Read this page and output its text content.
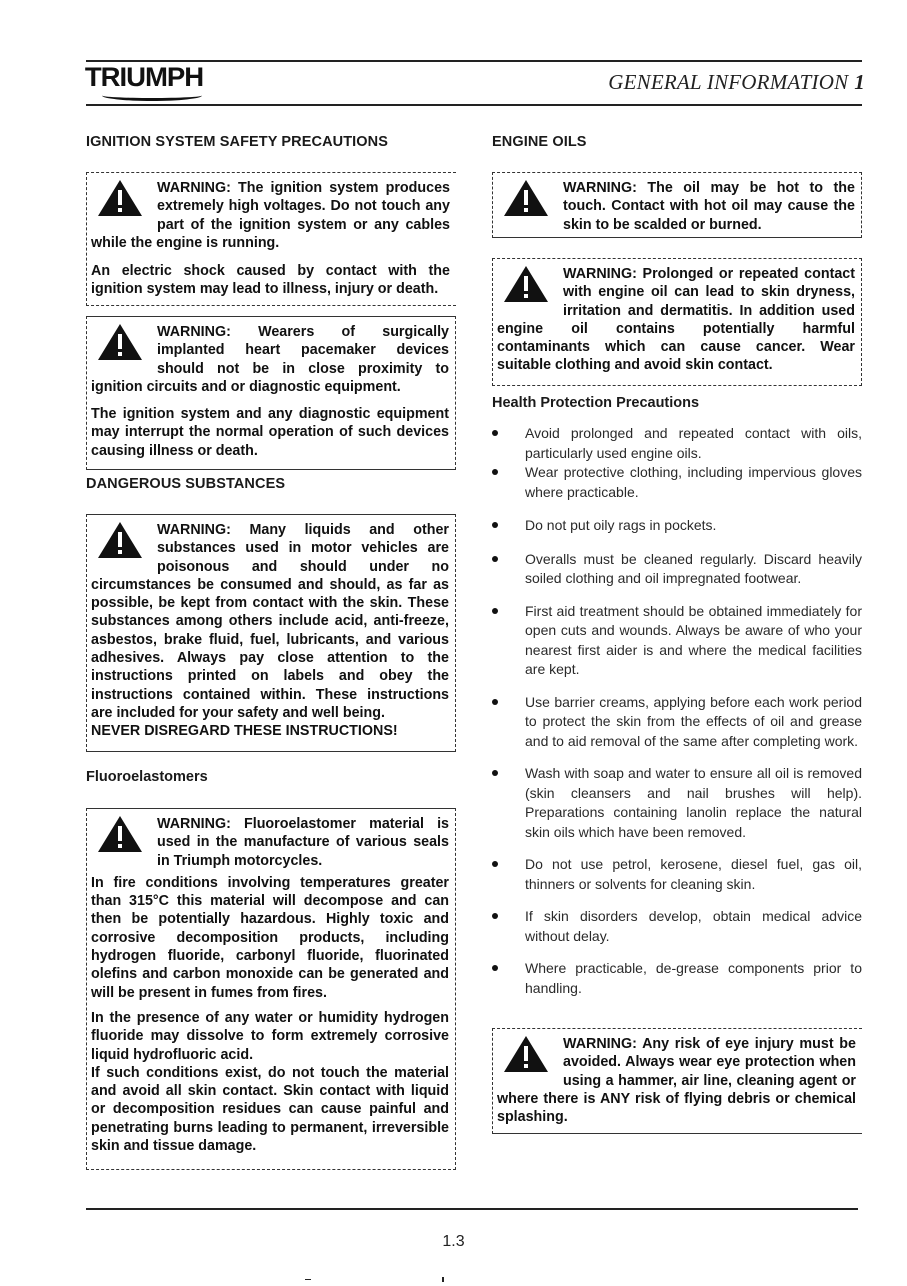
TRIUMPH	GENERAL INFORMATION 1
IGNITION SYSTEM SAFETY PRECAUTIONS

WARNING: The ignition system produces extremely high voltages. Do not touch any part of the ignition system or any cables while the engine is running.

An electric shock caused by contact with the ignition system may lead to illness, injury or death.

WARNING: Wearers of surgically implanted heart pacemaker devices should not be in close proximity to ignition circuits and or diagnostic equipment.

The ignition system and any diagnostic equipment may interrupt the normal operation of such devices causing illness or death.

DANGEROUS SUBSTANCES

WARNING: Many liquids and other substances used in motor vehicles are poisonous and should under no circumstances be consumed and should, as far as possible, be kept from contact with the skin. These substances among others include acid, anti-freeze, asbestos, brake fluid, fuel, lubricants, and various adhesives. Always pay close attention to the instructions printed on labels and obey the instructions contained within. These instructions are included for your safety and well being.

NEVER DISREGARD THESE INSTRUCTIONS!

Fluoroelastomers

WARNING: Fluoroelastomer material is used in the manufacture of various seals in Triumph motorcycles.

In fire conditions involving temperatures greater than 315°C this material will decompose and can then be potentially hazardous. Highly toxic and corrosive decomposition products, including hydrogen fluoride, carbonyl fluoride, fluorinated olefins and carbon monoxide can be generated and will be present in fumes from fires.

In the presence of any water or humidity hydrogen fluoride may dissolve to form extremely corrosive liquid hydrofluoric acid.

If such conditions exist, do not touch the material and avoid all skin contact. Skin contact with liquid or decomposition residues can cause painful and penetrating burns leading to permanent, irreversible skin and tissue damage.

ENGINE OILS

WARNING: The oil may be hot to the touch. Contact with hot oil may cause the skin to be scalded or burned.

WARNING: Prolonged or repeated contact with engine oil can lead to skin dryness, irritation and dermatitis. In addition used engine oil contains potentially harmful contaminants which can cause cancer. Wear suitable clothing and avoid skin contact.

Health Protection Precautions
Avoid prolonged and repeated contact with oils, particularly used engine oils.
Wear protective clothing, including impervious gloves where practicable.
Do not put oily rags in pockets.
Overalls must be cleaned regularly. Discard heavily soiled clothing and oil impregnated footwear.
First aid treatment should be obtained immediately for open cuts and wounds. Always be aware of who your nearest first aider is and where the medical facilities are kept.
Use barrier creams, applying before each work period to protect the skin from the effects of oil and grease and to aid removal of the same after completing work.
Wash with soap and water to ensure all oil is removed (skin cleansers and nail brushes will help). Preparations containing lanolin replace the natural skin oils which have been removed.
Do not use petrol, kerosene, diesel fuel, gas oil, thinners or solvents for cleaning skin.
If skin disorders develop, obtain medical advice without delay.
Where practicable, de-grease components prior to handling.

WARNING: Any risk of eye injury must be avoided. Always wear eye protection when using a hammer, air line, cleaning agent or where there is ANY risk of flying debris or chemical splashing.

1.3
